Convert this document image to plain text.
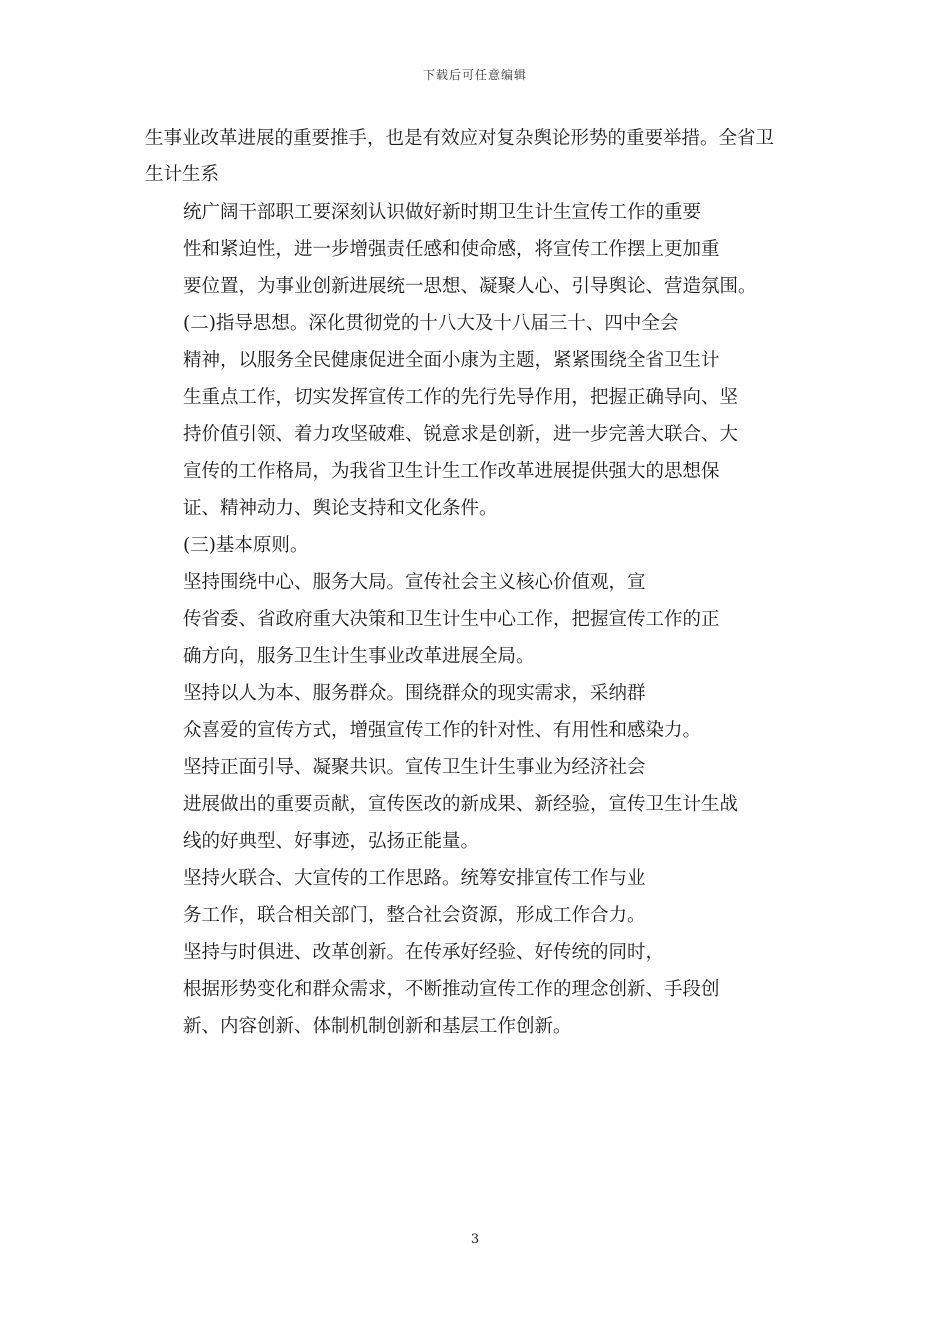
下载后可任意编辑
生事业改革进展的重要推手，也是有效应对复杂舆论形势的重要举措。全省卫
生计生系
统广阔干部职工要深刻认识做好新时期卫生计生宣传工作的重要
性和紧迫性，进一步增强责任感和使命感，将宣传工作摆上更加重
要位置，为事业创新进展统一思想、凝聚人心、引导舆论、营造氛围。
(二)指导思想。深化贯彻党的十八大及十八届三十、四中全会
精神，以服务全民健康促进全面小康为主题，紧紧围绕全省卫生计
生重点工作，切实发挥宣传工作的先行先导作用，把握正确导向、坚
持价值引领、着力攻坚破难、锐意求是创新，进一步完善大联合、大
宣传的工作格局，为我省卫生计生工作改革进展提供强大的思想保
证、精神动力、舆论支持和文化条件。
(三)基本原则。
坚持围绕中心、服务大局。宣传社会主义核心价值观，宣
传省委、省政府重大决策和卫生计生中心工作，把握宣传工作的正
确方向，服务卫生计生事业改革进展全局。
坚持以人为本、服务群众。围绕群众的现实需求，采纳群
众喜爱的宣传方式，增强宣传工作的针对性、有用性和感染力。
坚持正面引导、凝聚共识。宣传卫生计生事业为经济社会
进展做出的重要贡献，宣传医改的新成果、新经验，宣传卫生计生战
线的好典型、好事迹，弘扬正能量。
坚持火联合、大宣传的工作思路。统筹安排宣传工作与业
务工作，联合相关部门，整合社会资源，形成工作合力。
坚持与时俱进、改革创新。在传承好经验、好传统的同时，
根据形势变化和群众需求，不断推动宣传工作的理念创新、手段创
新、内容创新、体制机制创新和基层工作创新。
3
